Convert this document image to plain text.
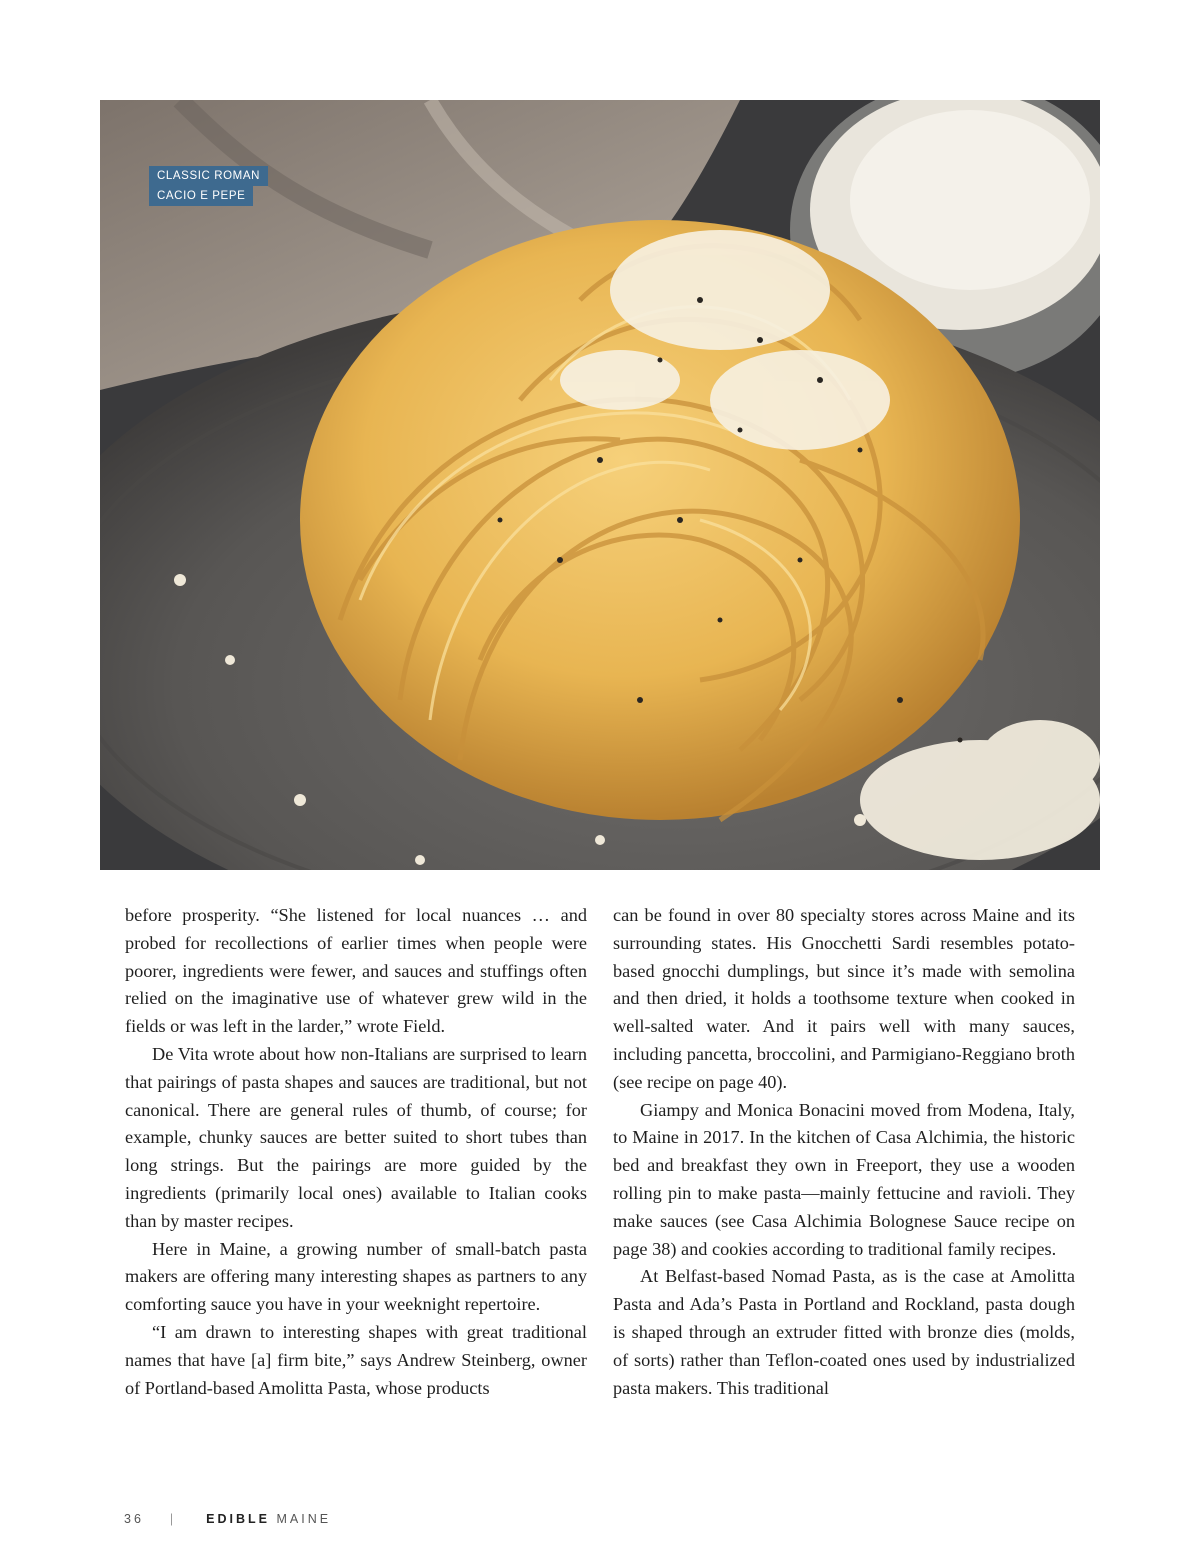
CLASSIC ROMAN
CACIO E PEPE

before prosperity. “She listened for local nuances … and probed for recollections of earlier times when people were poorer, ingredients were fewer, and sauces and stuffings often relied on the imaginative use of whatever grew wild in the fields or was left in the larder,” wrote Field.

De Vita wrote about how non-Italians are surprised to learn that pairings of pasta shapes and sauces are traditional, but not canonical. There are general rules of thumb, of course; for example, chunky sauces are better suited to short tubes than long strings. But the pairings are more guided by the ingredients (primarily local ones) available to Italian cooks than by master recipes.

Here in Maine, a growing number of small-batch pasta makers are offering many interesting shapes as partners to any comforting sauce you have in your weeknight repertoire.

“I am drawn to interesting shapes with great traditional names that have [a] firm bite,” says Andrew Steinberg, owner of Portland-based Amolitta Pasta, whose products

can be found in over 80 specialty stores across Maine and its surrounding states. His Gnocchetti Sardi resembles potato-based gnocchi dumplings, but since it’s made with semolina and then dried, it holds a toothsome texture when cooked in well-salted water. And it pairs well with many sauces, including pancetta, broccolini, and Parmigiano-Reggiano broth (see recipe on page 40).

Giampy and Monica Bonacini moved from Modena, Italy, to Maine in 2017. In the kitchen of Casa Alchimia, the historic bed and breakfast they own in Freeport, they use a wooden rolling pin to make pasta—mainly fettucine and ravioli. They make sauces (see Casa Alchimia Bolognese Sauce recipe on page 38) and cookies according to traditional family recipes.

At Belfast-based Nomad Pasta, as is the case at Amolitta Pasta and Ada’s Pasta in Portland and Rockland, pasta dough is shaped through an extruder fitted with bronze dies (molds, of sorts) rather than Teflon-coated ones used by industrialized pasta makers. This traditional

36 | EDIBLE MAINE
